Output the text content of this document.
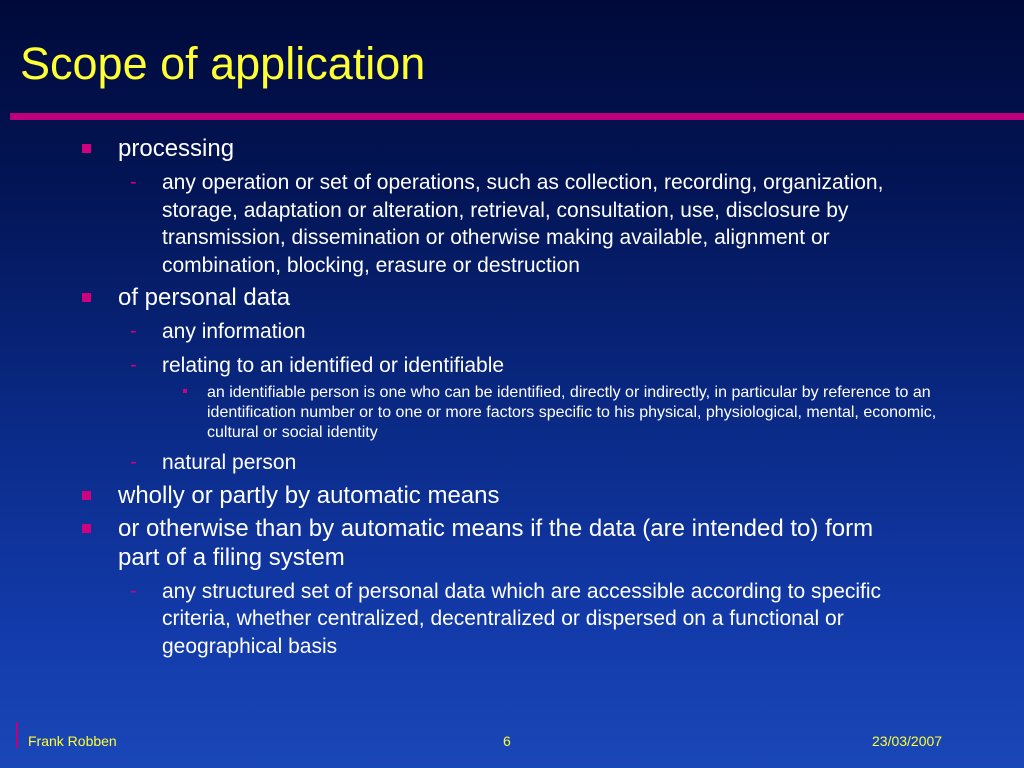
Scope of application
processing
- any operation or set of operations, such as collection, recording, organization, storage, adaptation or alteration, retrieval, consultation, use, disclosure by transmission, dissemination or otherwise making available, alignment or combination, blocking, erasure or destruction
of personal data
- any information
- relating to an identified or identifiable
an identifiable person is one who can be identified, directly or indirectly, in particular by reference to an identification number or to one or more factors specific to his physical, physiological, mental, economic, cultural or social identity
- natural person
wholly or partly by automatic means
or otherwise than by automatic means if the data (are intended to) form part of a filing system
- any structured set of personal data which are accessible according to specific criteria, whether centralized, decentralized or dispersed on a functional or geographical basis
Frank Robben	6	23/03/2007
